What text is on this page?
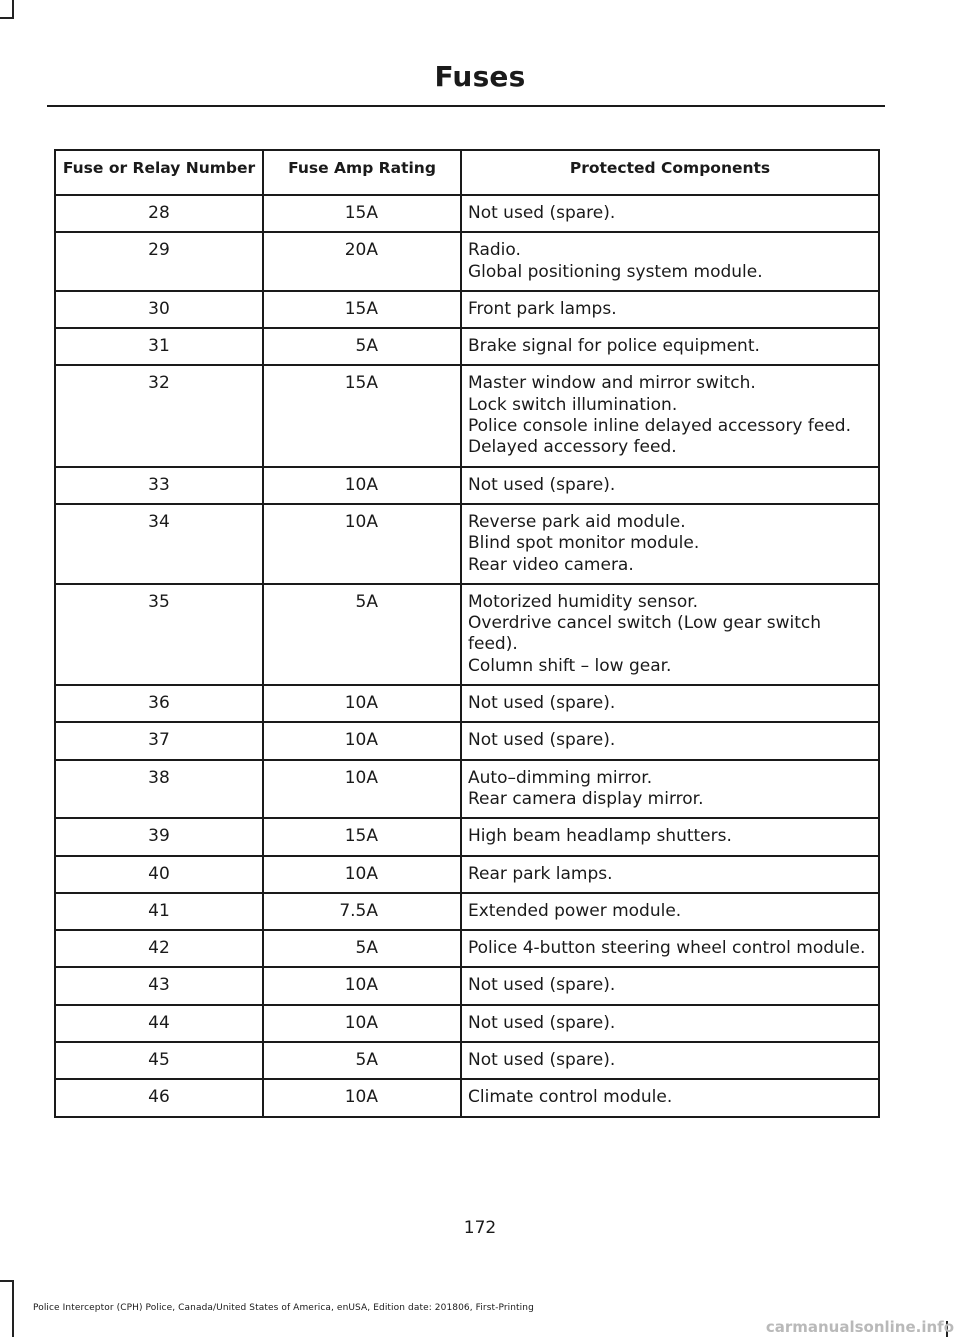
Fuses
Fuse or Relay Number	Fuse Amp Rating	Protected Components
28	15A	Not used (spare).

29	20A	Radio.
Global positioning system module.

30	15A	Front park lamps.

31	5A	Brake signal for police equipment.

32	15A	Master window and mirror switch.
Lock switch illumination.
Police console inline delayed accessory feed.
Delayed accessory feed.

33	10A	Not used (spare).

34	10A	Reverse park aid module.
Blind spot monitor module.
Rear video camera.

35	5A	Motorized humidity sensor.
Overdrive cancel switch (Low gear switch feed).
Column shift – low gear.

36	10A	Not used (spare).

37	10A	Not used (spare).

38	10A	Auto–dimming mirror.
Rear camera display mirror.

39	15A	High beam headlamp shutters.

40	10A	Rear park lamps.

41	7.5A	Extended power module.

42	5A	Police 4-button steering wheel control module.

43	10A	Not used (spare).

44	10A	Not used (spare).

45	5A	Not used (spare).

46	10A	Climate control module.
172
Police Interceptor (CPH) Police, Canada/United States of America, enUSA, Edition date: 201806, First-Printing
carmanualsonline.info
